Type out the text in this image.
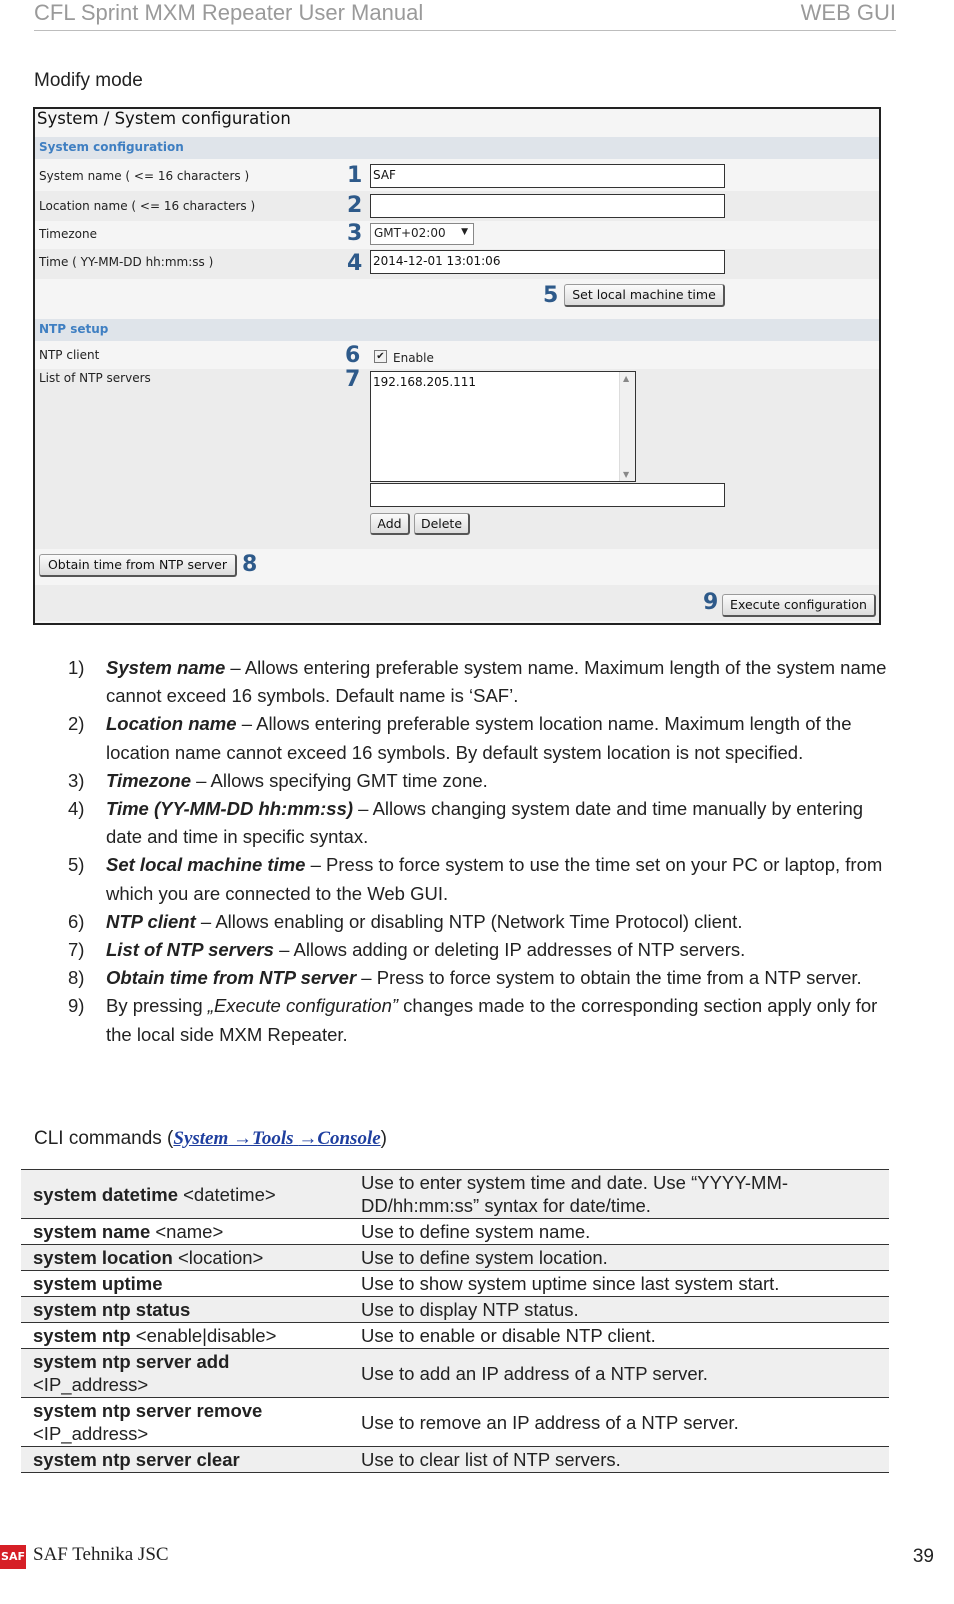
CFL Sprint MXM Repeater User Manual	WEB GUI
Modify mode
System / System configuration
System configuration
System name ( <= 16 characters )	1 SAF
Location name ( <= 16 characters )	2
Timezone	3 GMT+02:00 ▼
Time ( YY-MM-DD hh:mm:ss )	4 2014-12-01 13:01:06
5	Set local machine time
NTP setup
NTP client	6 ✔ Enable
List of NTP servers	7 192.168.205.111	▲
▼
Add	Delete
Obtain time from NTP server 8
9 Execute configuration
1) System name – Allows entering preferable system name. Maximum length of the system name cannot exceed 16 symbols. Default name is ‘SAF’.
2) Location name – Allows entering preferable system location name. Maximum length of the location name cannot exceed 16 symbols. By default system location is not specified.
3) Timezone – Allows specifying GMT time zone.
4) Time (YY-MM-DD hh:mm:ss) – Allows changing system date and time manually by entering date and time in specific syntax.
5) Set local machine time – Press to force system to use the time set on your PC or laptop, from which you are connected to the Web GUI.
6) NTP client – Allows enabling or disabling NTP (Network Time Protocol) client.
7) List of NTP servers – Allows adding or deleting IP addresses of NTP servers.
8) Obtain time from NTP server – Press to force system to obtain the time from a NTP server.
9) By pressing „Execute configuration” changes made to the corresponding section apply only for the local side MXM Repeater.
CLI commands (System →Tools →Console)
system datetime <datetime>	Use to enter system time and date. Use “YYYY-MM-DD/hh:mm:ss” syntax for date/time.
system name <name>	Use to define system name.
system location <location>	Use to define system location.
system uptime	Use to show system uptime since last system start.
system ntp status	Use to display NTP status.
system ntp <enable|disable>	Use to enable or disable NTP client.
system ntp server add
<IP_address>	Use to add an IP address of a NTP server.
system ntp server remove
<IP_address>	Use to remove an IP address of a NTP server.
system ntp server clear	Use to clear list of NTP servers.
SAF SAF Tehnika JSC	39
